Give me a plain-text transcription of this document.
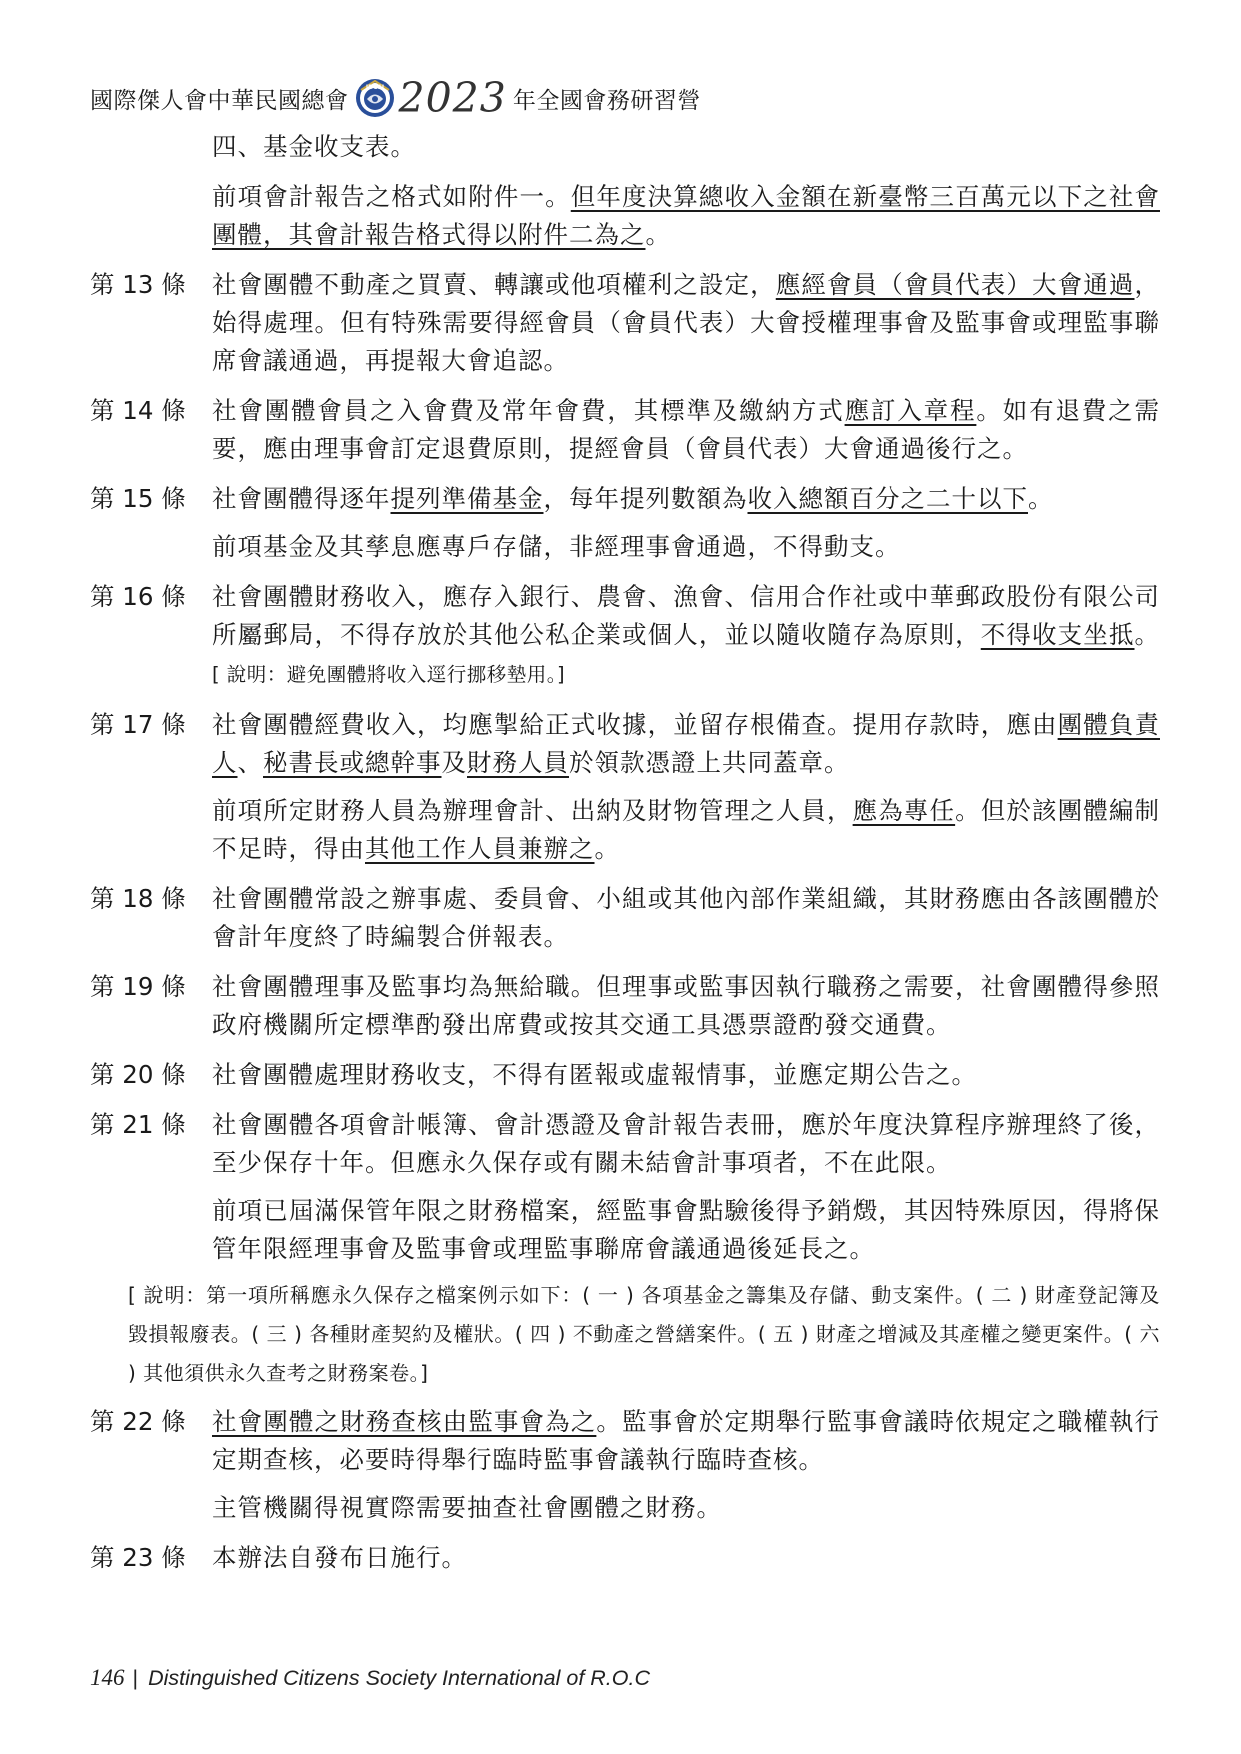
國際傑人會中華民國總會	IDCSI 2023 年全國會務研習營
四、基金收支表。
前項會計報告之格式如附件一。但年度決算總收入金額在新臺幣三百萬元以下之社會團體，其會計報告格式得以附件二為之。
第 13 條 社會團體不動產之買賣、轉讓或他項權利之設定，應經會員（會員代表）大會通過，始得處理。但有特殊需要得經會員（會員代表）大會授權理事會及監事會或理監事聯席會議通過，再提報大會追認。
第 14 條 社會團體會員之入會費及常年會費，其標準及繳納方式應訂入章程。如有退費之需要，應由理事會訂定退費原則，提經會員（會員代表）大會通過後行之。
第 15 條 社會團體得逐年提列準備基金，每年提列數額為收入總額百分之二十以下。
前項基金及其孳息應專戶存儲，非經理事會通過，不得動支。
第 16 條 社會團體財務收入，應存入銀行、農會、漁會、信用合作社或中華郵政股份有限公司所屬郵局，不得存放於其他公私企業或個人，並以隨收隨存為原則，不得收支坐抵。[ 說明：避免團體將收入逕行挪移墊用。]
第 17 條 社會團體經費收入，均應掣給正式收據，並留存根備查。提用存款時，應由團體負責人、秘書長或總幹事及財務人員於領款憑證上共同蓋章。
前項所定財務人員為辦理會計、出納及財物管理之人員，應為專任。但於該團體編制不足時，得由其他工作人員兼辦之。
第 18 條 社會團體常設之辦事處、委員會、小組或其他內部作業組織，其財務應由各該團體於會計年度終了時編製合併報表。
第 19 條 社會團體理事及監事均為無給職。但理事或監事因執行職務之需要，社會團體得參照政府機關所定標準酌發出席費或按其交通工具憑票證酌發交通費。
第 20 條 社會團體處理財務收支，不得有匿報或虛報情事，並應定期公告之。
第 21 條 社會團體各項會計帳簿、會計憑證及會計報告表冊，應於年度決算程序辦理終了後，至少保存十年。但應永久保存或有關未結會計事項者，不在此限。
前項已屆滿保管年限之財務檔案，經監事會點驗後得予銷燬，其因特殊原因，得將保管年限經理事會及監事會或理監事聯席會議通過後延長之。
[ 說明：第一項所稱應永久保存之檔案例示如下：( 一 ) 各項基金之籌集及存儲、動支案件。( 二 ) 財產登記簿及毀損報廢表。( 三 ) 各種財產契約及權狀。( 四 ) 不動產之營繕案件。( 五 ) 財產之增減及其產權之變更案件。( 六 ) 其他須供永久查考之財務案卷。]
第 22 條 社會團體之財務查核由監事會為之。監事會於定期舉行監事會議時依規定之職權執行定期查核，必要時得舉行臨時監事會議執行臨時查核。
主管機關得視實際需要抽查社會團體之財務。
第 23 條 本辦法自發布日施行。
146 | Distinguished Citizens Society International of R.O.C
